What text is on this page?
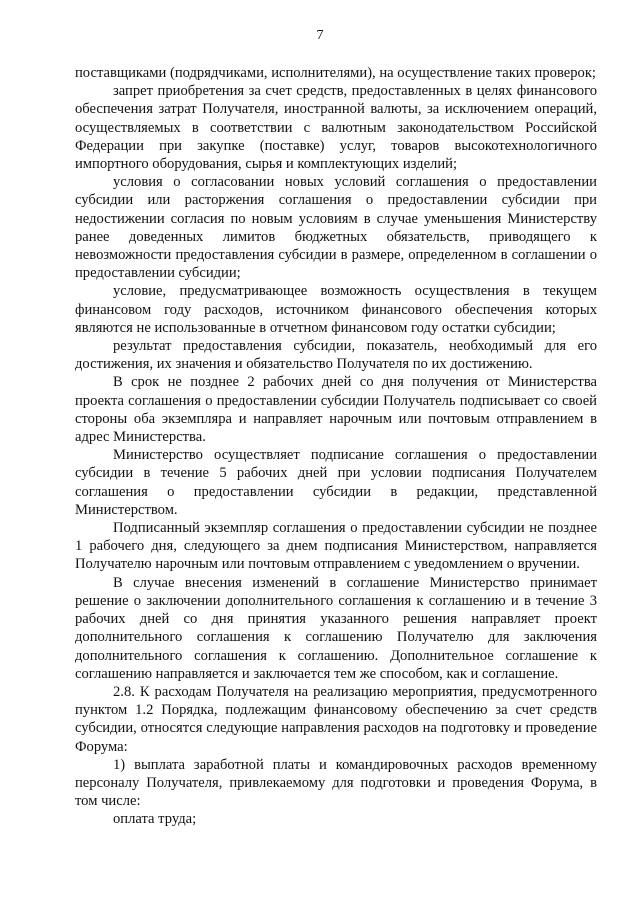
7

поставщиками (подрядчиками, исполнителями), на осуществление таких проверок;

запрет приобретения за счет средств, предоставленных в целях финансового обеспечения затрат Получателя, иностранной валюты, за исключением операций, осуществляемых в соответствии с валютным законодательством Российской Федерации при закупке (поставке) услуг, товаров высокотехнологичного импортного оборудования, сырья и комплектующих изделий;

условия о согласовании новых условий соглашения о предоставлении субсидии или расторжения соглашения о предоставлении субсидии при недостижении согласия по новым условиям в случае уменьшения Министерству ранее доведенных лимитов бюджетных обязательств, приводящего к невозможности предоставления субсидии в размере, определенном в соглашении о предоставлении субсидии;

условие, предусматривающее возможность осуществления в текущем финансовом году расходов, источником финансового обеспечения которых являются не использованные в отчетном финансовом году остатки субсидии;

результат предоставления субсидии, показатель, необходимый для его достижения, их значения и обязательство Получателя по их достижению.

В срок не позднее 2 рабочих дней со дня получения от Министерства проекта соглашения о предоставлении субсидии Получатель подписывает со своей стороны оба экземпляра и направляет нарочным или почтовым отправлением в адрес Министерства.

Министерство осуществляет подписание соглашения о предоставлении субсидии в течение 5 рабочих дней при условии подписания Получателем соглашения о предоставлении субсидии в редакции, представленной Министерством.

Подписанный экземпляр соглашения о предоставлении субсидии не позднее 1 рабочего дня, следующего за днем подписания Министерством, направляется Получателю нарочным или почтовым отправлением с уведомлением о вручении.

В случае внесения изменений в соглашение Министерство принимает решение о заключении дополнительного соглашения к соглашению и в течение 3 рабочих дней со дня принятия указанного решения направляет проект дополнительного соглашения к соглашению Получателю для заключения дополнительного соглашения к соглашению. Дополнительное соглашение к соглашению направляется и заключается тем же способом, как и соглашение.

2.8. К расходам Получателя на реализацию мероприятия, предусмотренного пунктом 1.2 Порядка, подлежащим финансовому обеспечению за счет средств субсидии, относятся следующие направления расходов на подготовку и проведение Форума:

1) выплата заработной платы и командировочных расходов временному персоналу Получателя, привлекаемому для подготовки и проведения Форума, в том числе:

оплата труда;
